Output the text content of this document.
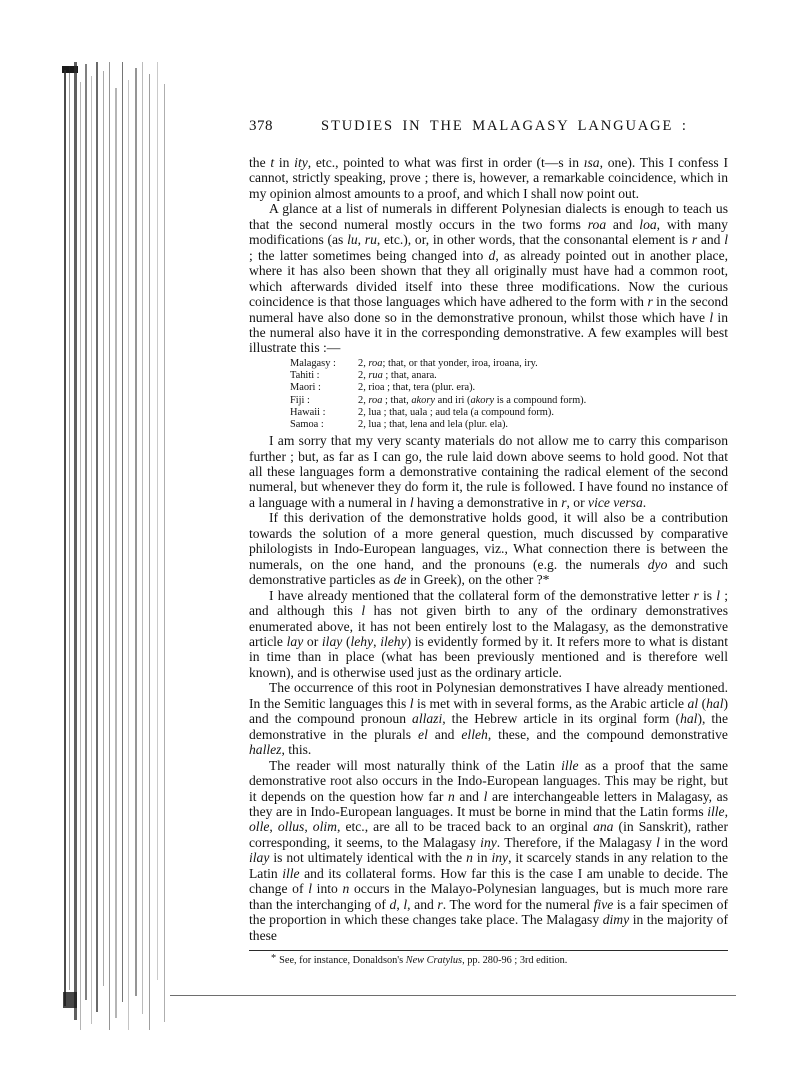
378	STUDIES IN THE MALAGASY LANGUAGE :

the t in ity, etc., pointed to what was first in order (t—s in ısa, one). This I confess I cannot, strictly speaking, prove ; there is, however, a remarkable coincidence, which in my opinion almost amounts to a proof, and which I shall now point out.

A glance at a list of numerals in different Polynesian dialects is enough to teach us that the second numeral mostly occurs in the two forms roa and loa, with many modifications (as lu, ru, etc.), or, in other words, that the consonantal element is r and l ; the latter sometimes being changed into d, as already pointed out in another place, where it has also been shown that they all originally must have had a common root, which afterwards divided itself into these three modifications. Now the curious coincidence is that those languages which have adhered to the form with r in the second numeral have also done so in the demonstrative pronoun, whilst those which have l in the numeral also have it in the corresponding demonstrative. A few examples will best illustrate this :—

Malagasy :	2, roa; that, or that yonder, iroa, iroana, iry.
Tahiti :	2, rua ; that, anara.
Maori :	2, rioa ; that, tera (plur. era).
Fiji :	2, roa ; that, akory and iri (akory is a compound form).
Hawaii :	2, lua ; that, uala ; aud tela (a compound form).
Samoa :	2, lua ; that, lena and lela (plur. ela).

I am sorry that my very scanty materials do not allow me to carry this comparison further ; but, as far as I can go, the rule laid down above seems to hold good. Not that all these languages form a demonstrative containing the radical element of the second numeral, but whenever they do form it, the rule is followed. I have found no instance of a language with a numeral in l having a demonstrative in r, or vice versa.

If this derivation of the demonstrative holds good, it will also be a contribution towards the solution of a more general question, much discussed by comparative philologists in Indo-European languages, viz., What connection there is between the numerals, on the one hand, and the pronouns (e.g. the numerals dyo and such demonstrative particles as de in Greek), on the other ?*

I have already mentioned that the collateral form of the demonstrative letter r is l ; and although this l has not given birth to any of the ordinary demonstratives enumerated above, it has not been entirely lost to the Malagasy, as the demonstrative article lay or ilay (lehy, ilehy) is evidently formed by it. It refers more to what is distant in time than in place (what has been previously mentioned and is therefore well known), and is otherwise used just as the ordinary article.

The occurrence of this root in Polynesian demonstratives I have already mentioned. In the Semitic languages this l is met with in several forms, as the Arabic article al (hal) and the compound pronoun allazi, the Hebrew article in its orginal form (hal), the demonstrative in the plurals el and elleh, these, and the compound demonstrative hallez, this.

The reader will most naturally think of the Latin ille as a proof that the same demonstrative root also occurs in the Indo-European languages. This may be right, but it depends on the question how far n and l are interchangeable letters in Malagasy, as they are in Indo-European languages. It must be borne in mind that the Latin forms ille, olle, ollus, olim, etc., are all to be traced back to an orginal ana (in Sanskrit), rather corresponding, it seems, to the Malagasy iny. Therefore, if the Malagasy l in the word ilay is not ultimately identical with the n in iny, it scarcely stands in any relation to the Latin ille and its collateral forms. How far this is the case I am unable to decide. The change of l into n occurs in the Malayo-Polynesian languages, but is much more rare than the interchanging of d, l, and r. The word for the numeral five is a fair specimen of the proportion in which these changes take place. The Malagasy dimy in the majority of these

* See, for instance, Donaldson's New Cratylus, pp. 280-96 ; 3rd edition.
